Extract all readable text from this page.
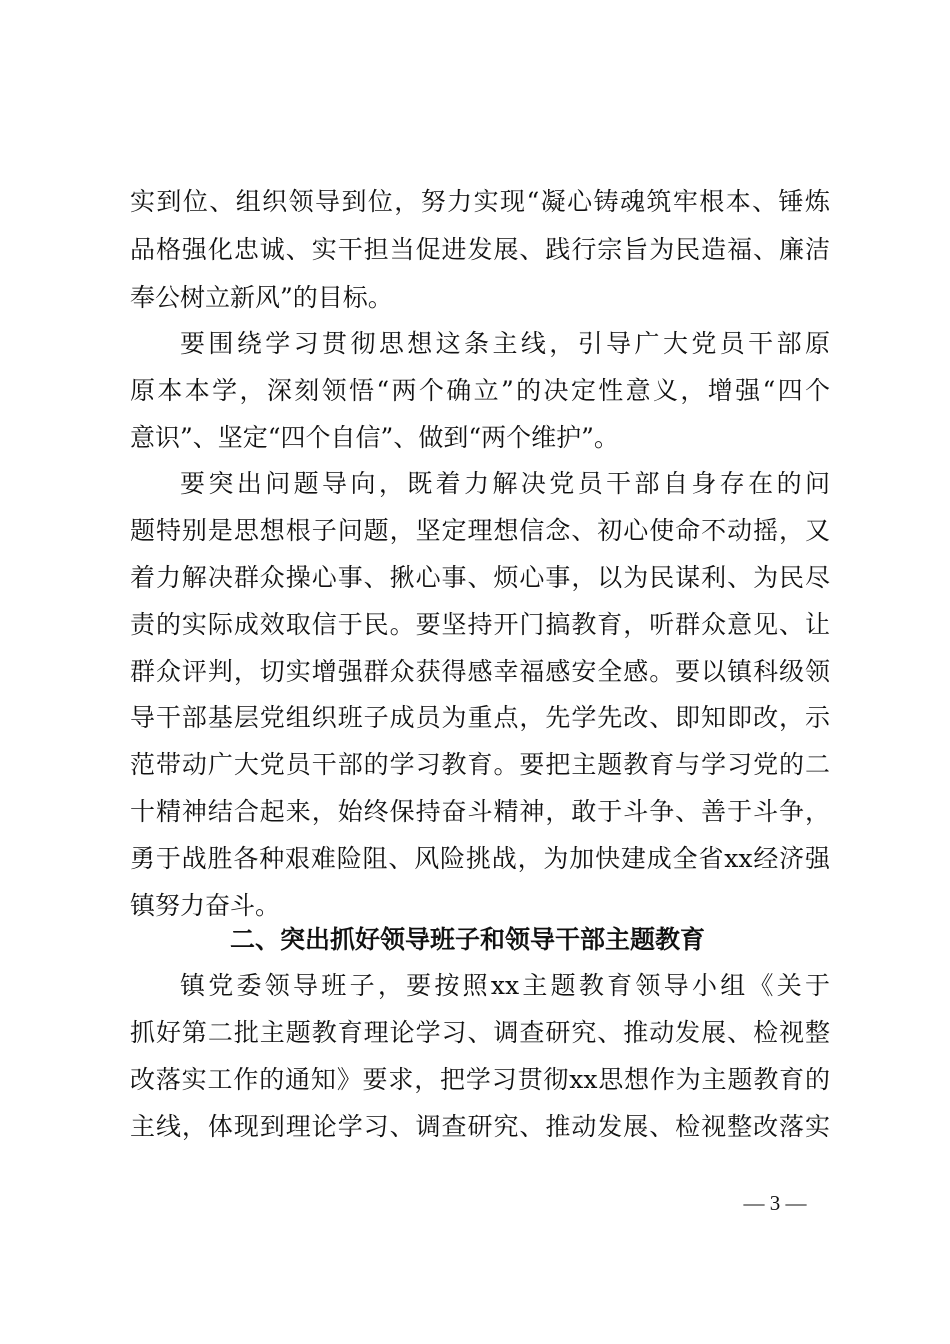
实到位、组织领导到位，努力实现“凝心铸魂筑牢根本、锤炼
品格强化忠诚、实干担当促进发展、践行宗旨为民造福、廉洁
奉公树立新风”的目标。
要围绕学习贯彻思想这条主线，引导广大党员干部原
原本本学，深刻领悟“两个确立”的决定性意义，增强“四个
意识”、坚定“四个自信”、做到“两个维护”。
要突出问题导向，既着力解决党员干部自身存在的问
题特别是思想根子问题，坚定理想信念、初心使命不动摇，又
着力解决群众操心事、揪心事、烦心事，以为民谋利、为民尽
责的实际成效取信于民。要坚持开门搞教育，听群众意见、让
群众评判，切实增强群众获得感幸福感安全感。要以镇科级领
导干部基层党组织班子成员为重点，先学先改、即知即改，示
范带动广大党员干部的学习教育。要把主题教育与学习党的二
十精神结合起来，始终保持奋斗精神，敢于斗争、善于斗争，
勇于战胜各种艰难险阻、风险挑战，为加快建成全省xx经济强
镇努力奋斗。
二、突出抓好领导班子和领导干部主题教育
镇党委领导班子，要按照xx主题教育领导小组《关于
抓好第二批主题教育理论学习、调查研究、推动发展、检视整
改落实工作的通知》要求，把学习贯彻xx思想作为主题教育的
主线，体现到理论学习、调查研究、推动发展、检视整改落实
— 3 —
